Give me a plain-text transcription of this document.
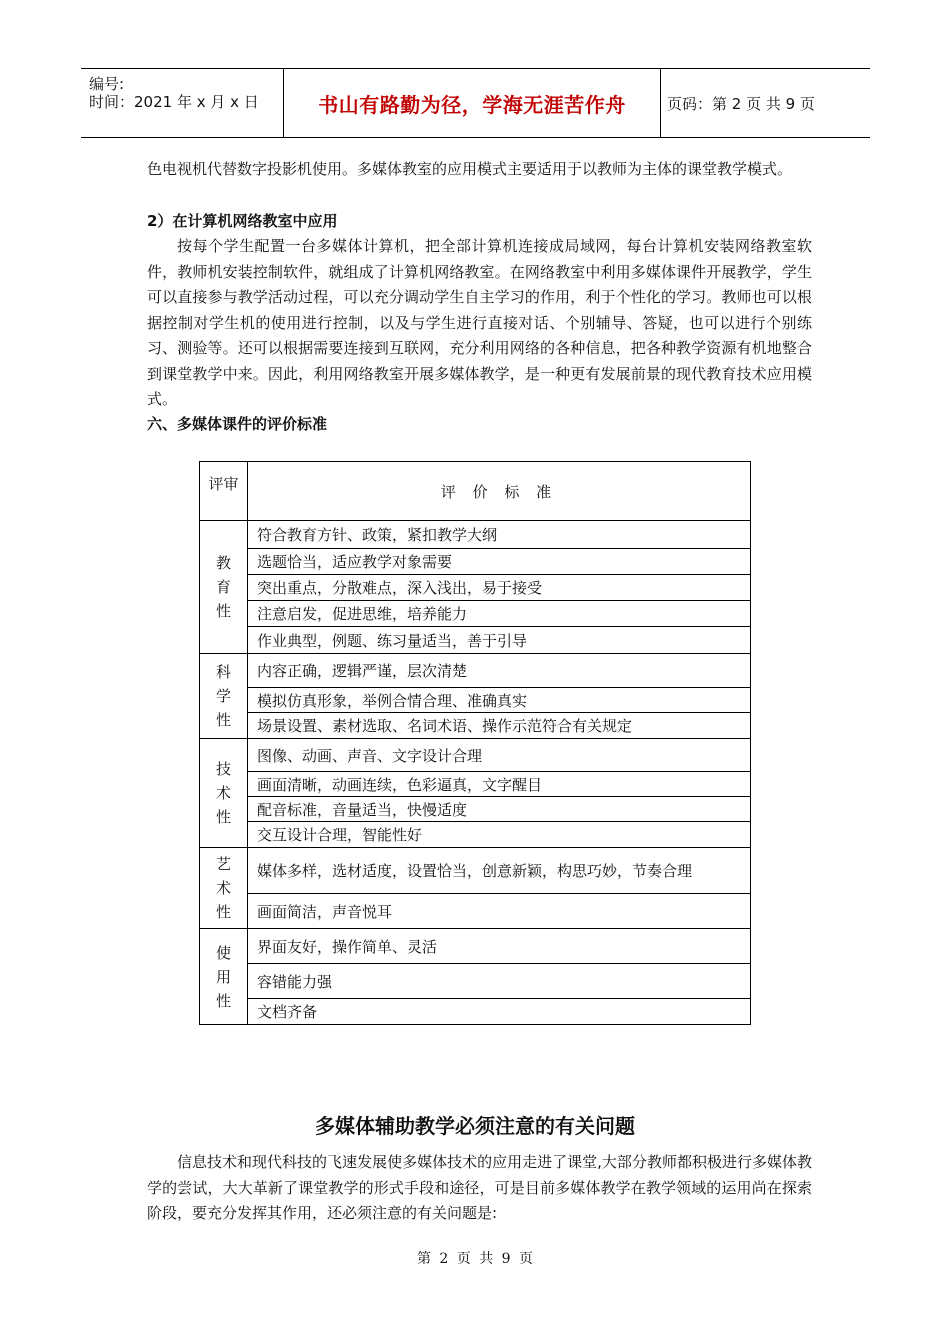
编号:
时间：2021 年 x 月 x 日	书山有路勤为径，学海无涯苦作舟	页码：第 2 页 共 9 页

色电视机代替数字投影机使用。多媒体教室的应用模式主要适用于以教师为主体的课堂教学模式。

2）在计算机网络教室中应用

按每个学生配置一台多媒体计算机，把全部计算机连接成局域网，每台计算机安装网络教室软件，教师机安装控制软件，就组成了计算机网络教室。在网络教室中利用多媒体课件开展教学，学生可以直接参与教学活动过程，可以充分调动学生自主学习的作用，利于个性化的学习。教师也可以根据控制对学生机的使用进行控制，以及与学生进行直接对话、个别辅导、答疑，也可以进行个别练习、测验等。还可以根据需要连接到互联网，充分利用网络的各种信息，把各种教学资源有机地整合到课堂教学中来。因此，利用网络教室开展多媒体教学，是一种更有发展前景的现代教育技术应用模式。

六、多媒体课件的评价标准

评审	评 价 标 准

教育性	符合教育方针、政策，紧扣教学大纲
	选题恰当，适应教学对象需要
	突出重点，分散难点，深入浅出，易于接受
	注意启发，促进思维，培养能力
	作业典型，例题、练习量适当，善于引导

科学性	内容正确，逻辑严谨，层次清楚
	模拟仿真形象，举例合情合理、准确真实
	场景设置、素材选取、名词术语、操作示范符合有关规定

技术性	图像、动画、声音、文字设计合理
	画面清晰，动画连续，色彩逼真，文字醒目
	配音标准，音量适当，快慢适度
	交互设计合理，智能性好

艺术性	媒体多样，选材适度，设置恰当，创意新颖，构思巧妙，节奏合理
	画面简洁，声音悦耳

使用性	界面友好，操作简单、灵活
	容错能力强
	文档齐备
多媒体辅助教学必须注意的有关问题

信息技术和现代科技的飞速发展使多媒体技术的应用走进了课堂,大部分教师都积极进行多媒体教学的尝试，大大革新了课堂教学的形式手段和途径，可是目前多媒体教学在教学领域的运用尚在探索阶段，要充分发挥其作用，还必须注意的有关问题是:

第 2 页 共 9 页
